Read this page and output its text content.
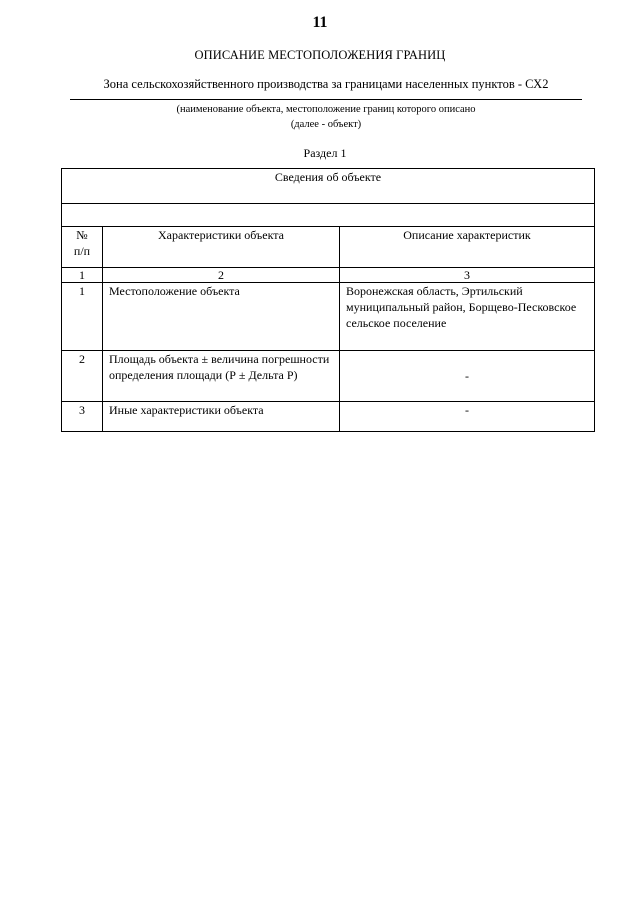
11
ОПИСАНИЕ МЕСТОПОЛОЖЕНИЯ ГРАНИЦ
Зона сельскохозяйственного производства за границами населенных пунктов - СХ2
(наименование объекта, местоположение границ которого описано
(далее - объект)
Раздел 1
Сведения об объекте		

№ п/п	Характеристики объекта	Описание характеристик
1	2	3
1	Местоположение объекта	Воронежская область, Эртильский муниципальный район, Борщево-Песковское сельское поселение
2	Площадь объекта ± величина погрешности определения площади (Р ± Дельта Р)	-
3	Иные характеристики объекта	-
